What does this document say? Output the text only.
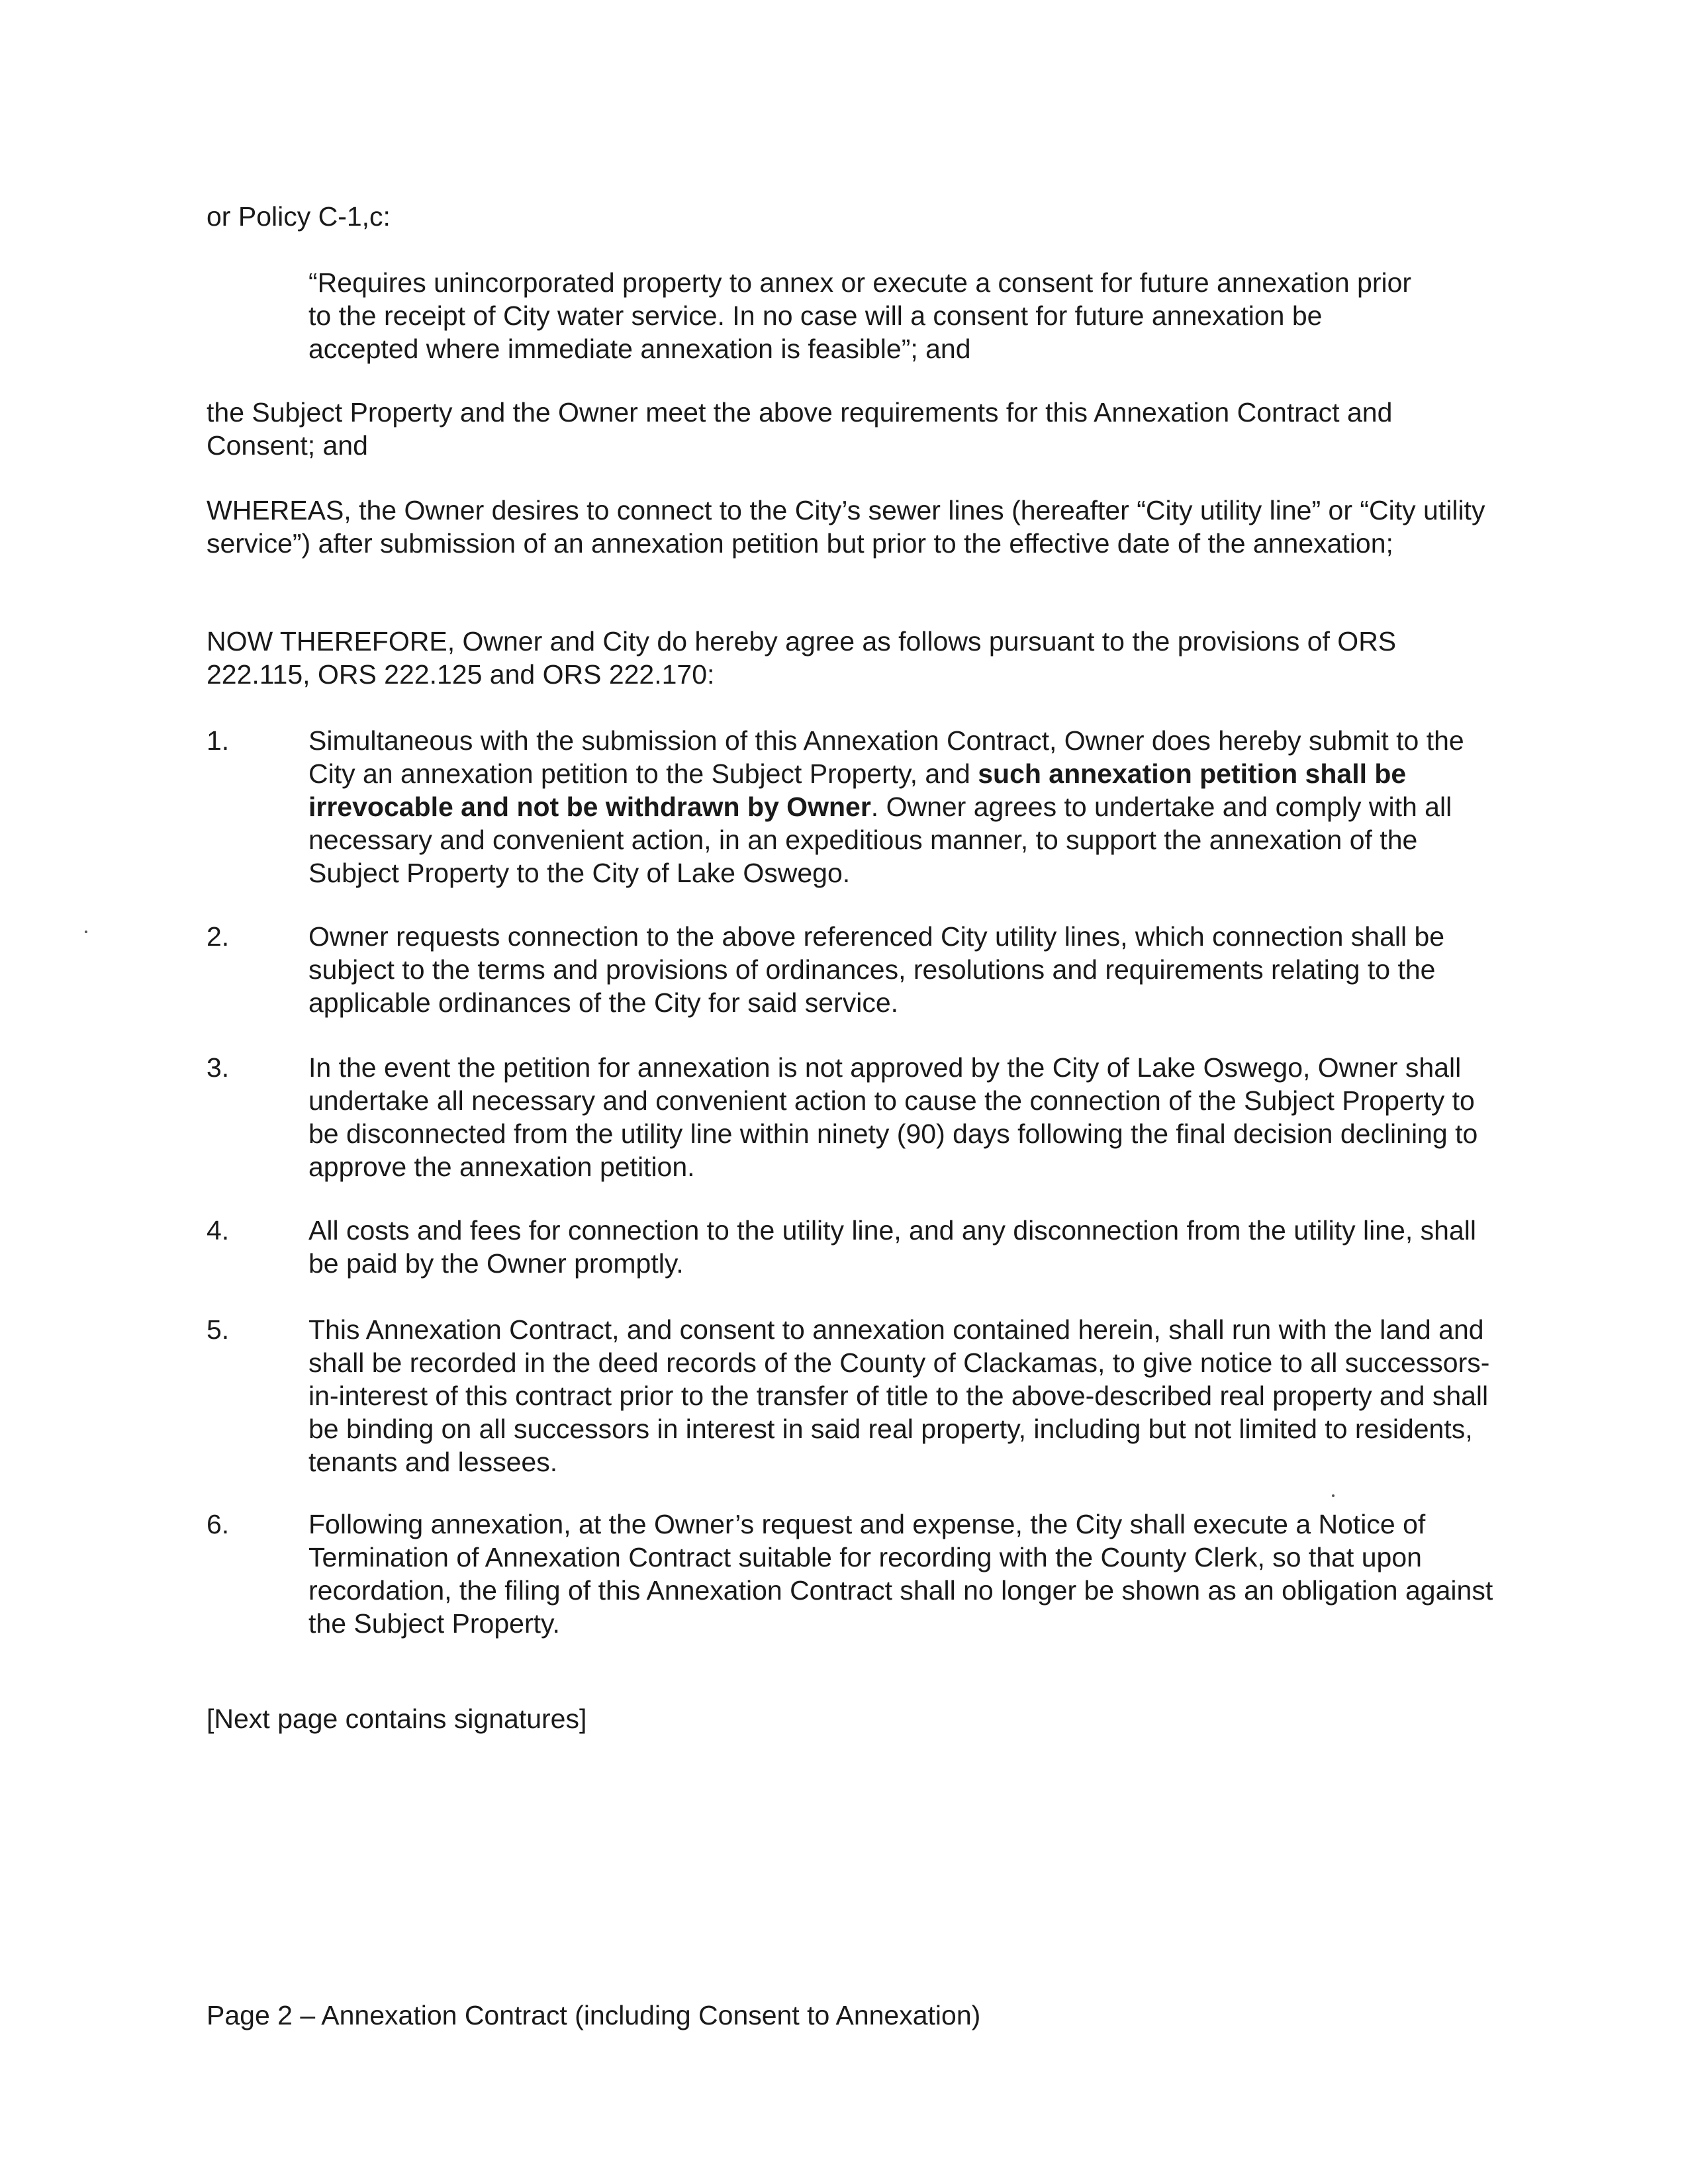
or Policy C-1,c:

“Requires unincorporated property to annex or execute a consent for future annexation prior to the receipt of City water service. In no case will a consent for future annexation be accepted where immediate annexation is feasible”; and

the Subject Property and the Owner meet the above requirements for this Annexation Contract and Consent; and

WHEREAS, the Owner desires to connect to the City’s sewer lines (hereafter “City utility line” or “City utility service”) after submission of an annexation petition but prior to the effective date of the annexation;

NOW THEREFORE, Owner and City do hereby agree as follows pursuant to the provisions of ORS 222.115, ORS 222.125 and ORS 222.170:

1.	Simultaneous with the submission of this Annexation Contract, Owner does hereby submit to the City an annexation petition to the Subject Property, and such annexation petition shall be irrevocable and not be withdrawn by Owner. Owner agrees to undertake and comply with all necessary and convenient action, in an expeditious manner, to support the annexation of the Subject Property to the City of Lake Oswego.
2.	Owner requests connection to the above referenced City utility lines, which connection shall be subject to the terms and provisions of ordinances, resolutions and requirements relating to the applicable ordinances of the City for said service.
3.	In the event the petition for annexation is not approved by the City of Lake Oswego, Owner shall undertake all necessary and convenient action to cause the connection of the Subject Property to be disconnected from the utility line within ninety (90) days following the final decision declining to approve the annexation petition.
4.	All costs and fees for connection to the utility line, and any disconnection from the utility line, shall be paid by the Owner promptly.
5.	This Annexation Contract, and consent to annexation contained herein, shall run with the land and shall be recorded in the deed records of the County of Clackamas, to give notice to all successors-in-interest of this contract prior to the transfer of title to the above-described real property and shall be binding on all successors in interest in said real property, including but not limited to residents, tenants and lessees.
6.	Following annexation, at the Owner’s request and expense, the City shall execute a Notice of Termination of Annexation Contract suitable for recording with the County Clerk, so that upon recordation, the filing of this Annexation Contract shall no longer be shown as an obligation against the Subject Property.

[Next page contains signatures]

Page 2 – Annexation Contract (including Consent to Annexation)
